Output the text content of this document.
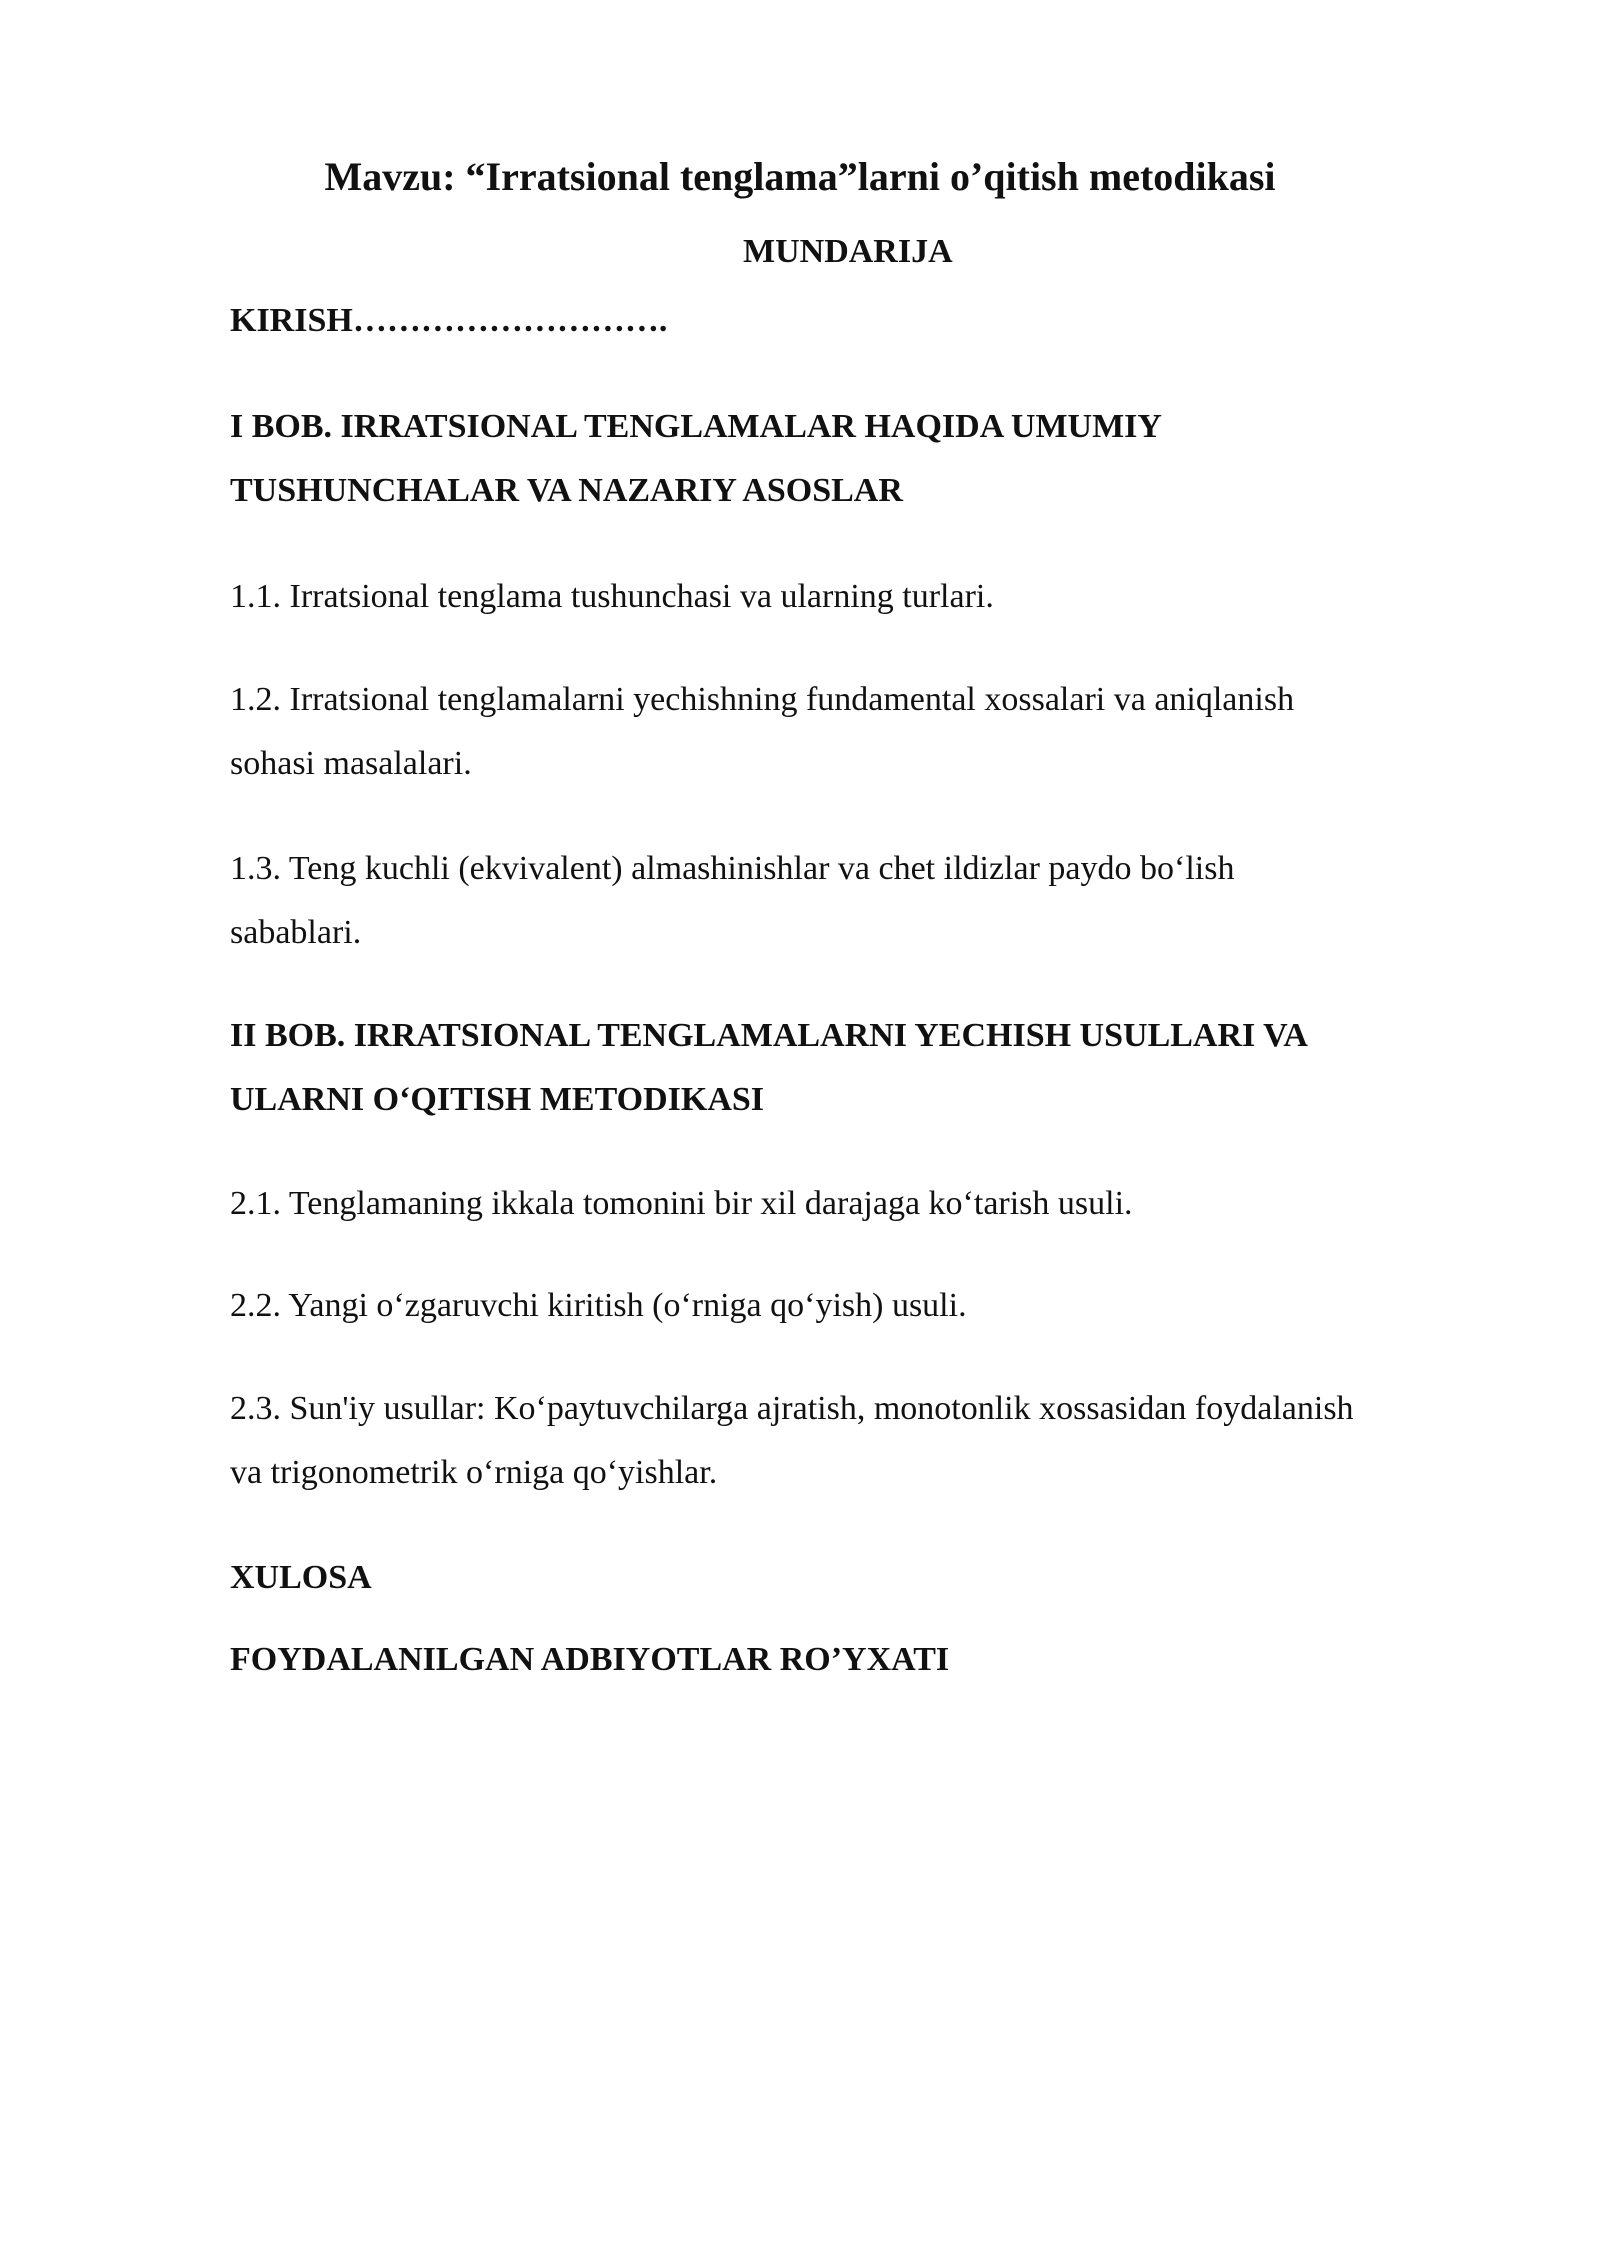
Mavzu: “Irratsional tenglama”larni o’qitish metodikasi
MUNDARIJA

KIRISH……………………….

I BOB. IRRATSIONAL TENGLAMALAR HAQIDA UMUMIY

TUSHUNCHALAR VA NAZARIY ASOSLAR

1.1. Irratsional tenglama tushunchasi va ularning turlari.

1.2. Irratsional tenglamalarni yechishning fundamental xossalari va aniqlanish

sohasi masalalari.

1.3. Teng kuchli (ekvivalent) almashinishlar va chet ildizlar paydo bo‘lish

sabablari.

II BOB. IRRATSIONAL TENGLAMALARNI YECHISH USULLARI VA

ULARNI O‘QITISH METODIKASI

2.1. Tenglamaning ikkala tomonini bir xil darajaga ko‘tarish usuli.

2.2. Yangi o‘zgaruvchi kiritish (o‘rniga qo‘yish) usuli.

2.3. Sun'iy usullar: Ko‘paytuvchilarga ajratish, monotonlik xossasidan foydalanish

va trigonometrik o‘rniga qo‘yishlar.

XULOSA

FOYDALANILGAN ADBIYOTLAR RO’YXATI
